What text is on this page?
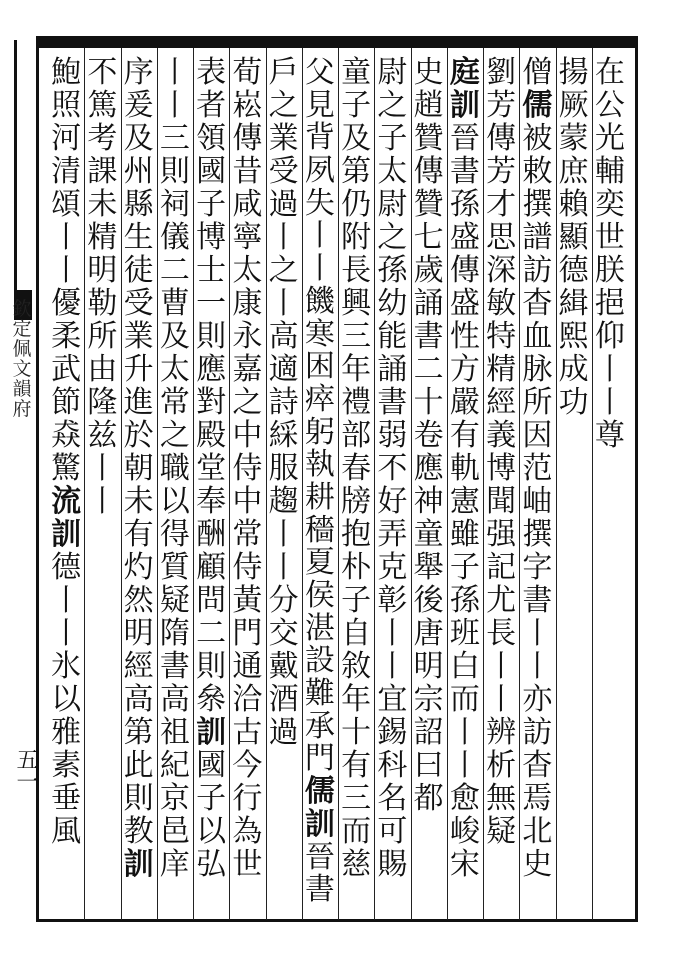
欽
定
佩
文
韻
府
五一
在
公
光
輔
奕
世
朕
挹
仰
丨
丨
尊
揚
厥
蒙
庶
賴
顯
德
緝
熙
成
功
僧
儒
被
敕
撰
譜
訪
杳
血
脉
所
因
范
岫
撰
字
書
丨
丨
亦
訪
杳
焉
北
史
劉
芳
傳
芳
才
思
深
敏
特
精
經
義
博
聞
强
記
尤
長
丨
丨
辨
析
無
疑
庭
訓
晉
書
孫
盛
傳
盛
性
方
嚴
有
軌
憲
雖
子
孫
班
白
而
丨
丨
愈
峻
宋
史
趙
贊
傳
贊
七
歲
誦
書
二
十
卷
應
神
童
舉
後
唐
明
宗
詔
曰
都
尉
之
子
太
尉
之
孫
幼
能
誦
書
弱
不
好
弄
克
彰
丨
丨
宜
錫
科
名
可
賜
童
子
及
第
仍
附
長
興
三
年
禮
部
春
牓
抱
朴
子
自
敘
年
十
有
三
而
慈
父
見
背
夙
失
丨
丨
饑
寒
困
瘁
躬
執
耕
穡
夏
侯
湛
設
難
承
門
儒
訓
晉
書
戶
之
業
受
過
丨
之
丨
高
適
詩
綵
服
趨
丨
丨
分
交
戴
酒
過
荀
崧
傳
昔
咸
寧
太
康
永
嘉
之
中
侍
中
常
侍
黃
門
通
洽
古
今
行
為
世
表
者
領
國
子
博
士
一
則
應
對
殿
堂
奉
酬
顧
問
二
則
㕘
訓
國
子
以
弘
丨
丨
三
則
祠
儀
二
曹
及
太
常
之
職
以
得
質
疑
隋
書
高
祖
紀
京
邑
庠
序
爰
及
州
縣
生
徒
受
業
升
進
於
朝
未
有
灼
然
明
經
高
第
此
則
教
訓
不
篤
考
課
未
精
明
勒
所
由
隆
兹
丨
丨
鮑
照
河
清
頌
丨
丨
優
柔
武
節
猋
驚
流
訓
德
丨
丨
氷
以
雅
素
垂
風
